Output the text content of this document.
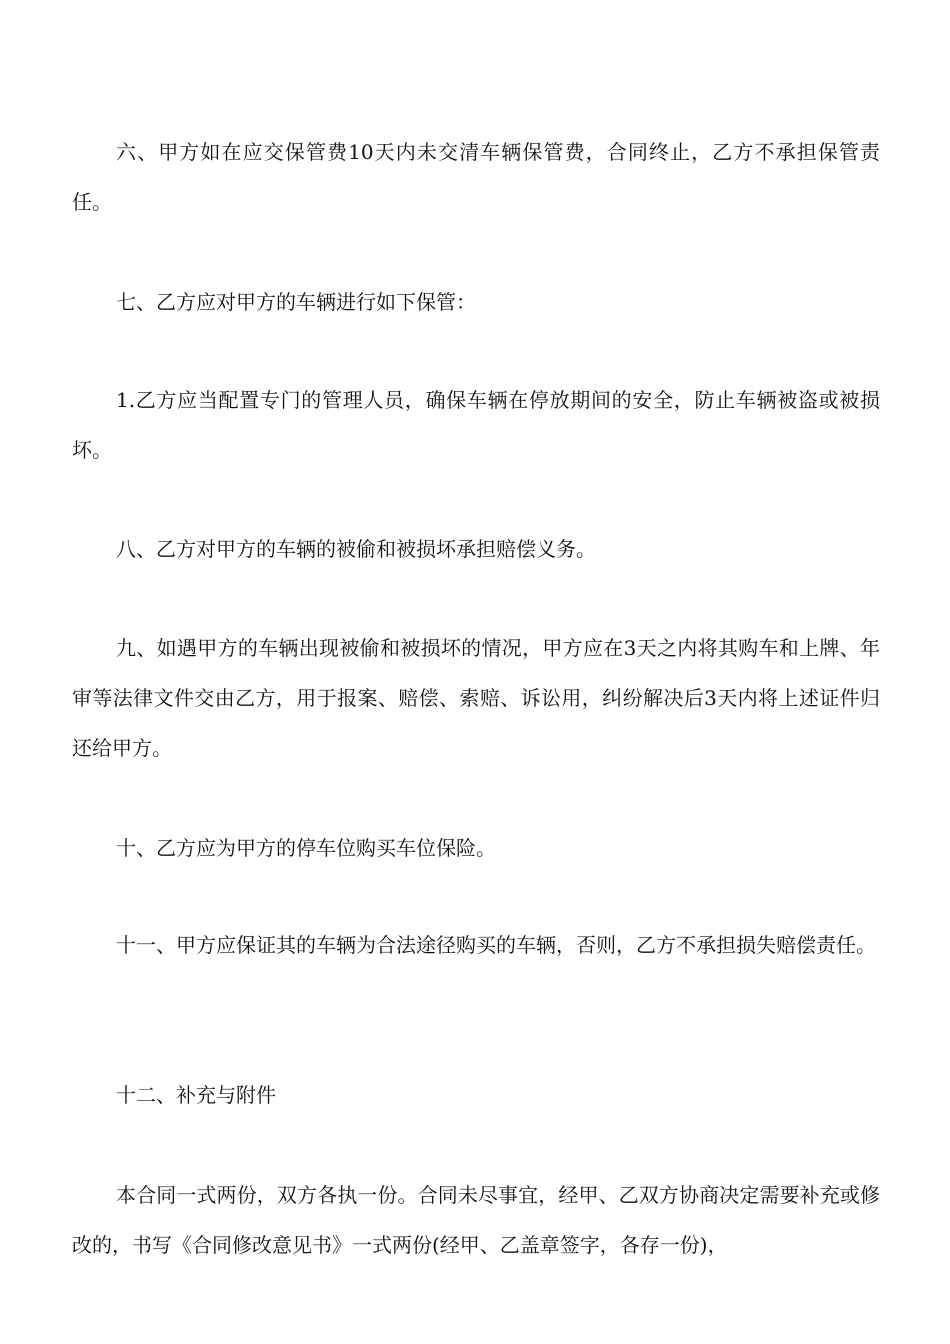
六、甲方如在应交保管费10天内未交清车辆保管费，合同终止，乙方不承担保管责任。

七、乙方应对甲方的车辆进行如下保管：

1.乙方应当配置专门的管理人员，确保车辆在停放期间的安全，防止车辆被盗或被损坏。

八、乙方对甲方的车辆的被偷和被损坏承担赔偿义务。

九、如遇甲方的车辆出现被偷和被损坏的情况，甲方应在3天之内将其购车和上牌、年审等法律文件交由乙方，用于报案、赔偿、索赔、诉讼用，纠纷解决后3天内将上述证件归还给甲方。

十、乙方应为甲方的停车位购买车位保险。

十一、甲方应保证其的车辆为合法途径购买的车辆，否则，乙方不承担损失赔偿责任。

十二、补充与附件

本合同一式两份，双方各执一份。合同未尽事宜，经甲、乙双方协商决定需要补充或修改的，书写《合同修改意见书》一式两份(经甲、乙盖章签字，各存一份)，
